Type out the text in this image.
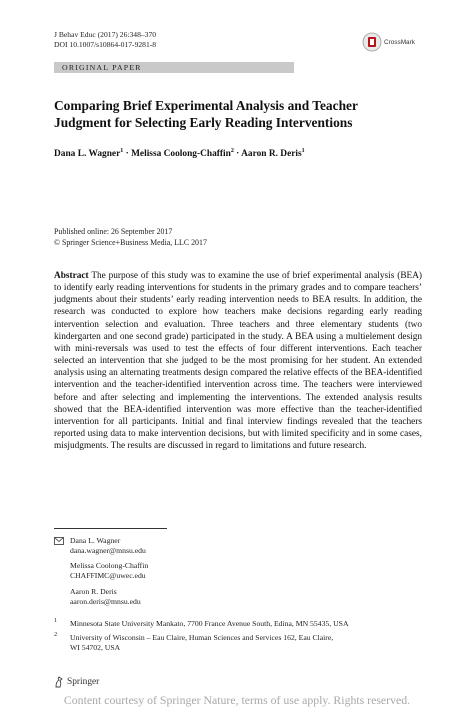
J Behav Educ (2017) 26:348–370
DOI 10.1007/s10864-017-9281-8	CrossMark
ORIGINAL PAPER
Comparing Brief Experimental Analysis and Teacher
Judgment for Selecting Early Reading Interventions
Dana L. Wagner$^1$ · Melissa Coolong-Chaffin$^2$ · Aaron R. Deris$^1$
Published online: 26 September 2017
© Springer Science+Business Media, LLC 2017
Abstract The purpose of this study was to examine the use of brief experimental analysis (BEA) to identify early reading interventions for students in the primary grades and to compare teachers’ judgments about their students’ early reading intervention needs to BEA results. In addition, the research was conducted to explore how teachers make decisions regarding early reading intervention selection and evaluation. Three teachers and three elementary students (two kindergarten and one second grade) participated in the study. A BEA using a multielement design with mini-reversals was used to test the effects of four different interventions. Each teacher selected an intervention that she judged to be the most promising for her student. An extended analysis using an alternating treatments design compared the relative effects of the BEA-identified intervention and the teacher-identified intervention across time. The teachers were interviewed before and after selecting and implementing the interventions. The extended analysis results showed that the BEA-identified intervention was more effective than the teacher-identified intervention for all participants. Initial and final interview findings revealed that the teachers reported using data to make intervention decisions, but with limited specificity and in some cases, misjudgments. The results are discussed in regard to limitations and future research.
Dana L. Wagner
dana.wagner@mnsu.edu
Melissa Coolong-Chaffin
CHAFFIMC@uwec.edu
Aaron R. Deris
aaron.deris@mnsu.edu
1 Minnesota State University Mankato, 7700 France Avenue South, Edina, MN 55435, USA
2 University of Wisconsin – Eau Claire, Human Sciences and Services 162, Eau Claire,
WI 54702, USA
Springer
Content courtesy of Springer Nature, terms of use apply. Rights reserved.
